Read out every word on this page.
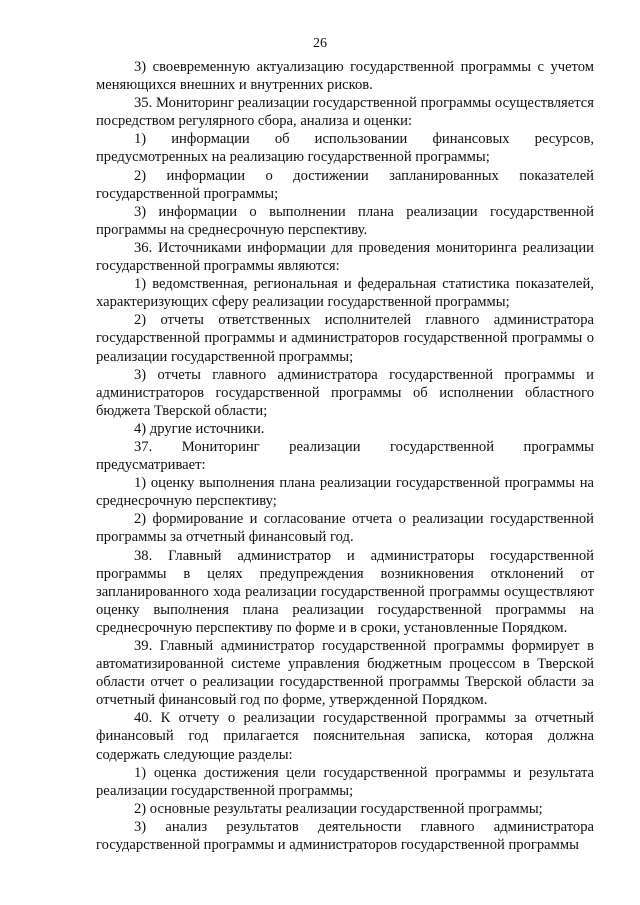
26

3) своевременную актуализацию государственной программы с учетом меняющихся внешних и внутренних рисков.

35. Мониторинг реализации государственной программы осуществляется посредством регулярного сбора, анализа и оценки:

1) информации об использовании финансовых ресурсов, предусмотренных на реализацию государственной программы;

2) информации о достижении запланированных показателей государственной программы;

3) информации о выполнении плана реализации государственной программы на среднесрочную перспективу.

36. Источниками информации для проведения мониторинга реализации государственной программы являются:

1) ведомственная, региональная и федеральная статистика показателей, характеризующих сферу реализации государственной программы;

2) отчеты ответственных исполнителей главного администратора государственной программы и администраторов государственной программы о реализации государственной программы;

3) отчеты главного администратора государственной программы и администраторов государственной программы об исполнении областного бюджета Тверской области;

4) другие источники.

37. Мониторинг реализации государственной программы предусматривает:

1) оценку выполнения плана реализации государственной программы на среднесрочную перспективу;

2) формирование и согласование отчета о реализации государственной программы за отчетный финансовый год.

38. Главный администратор и администраторы государственной программы в целях предупреждения возникновения отклонений от запланированного хода реализации государственной программы осуществляют оценку выполнения плана реализации государственной программы на среднесрочную перспективу по форме и в сроки, установленные Порядком.

39. Главный администратор государственной программы формирует в автоматизированной системе управления бюджетным процессом в Тверской области отчет о реализации государственной программы Тверской области за отчетный финансовый год по форме, утвержденной Порядком.

40. К отчету о реализации государственной программы за отчетный финансовый год прилагается пояснительная записка, которая должна содержать следующие разделы:

1) оценка достижения цели государственной программы и результата реализации государственной программы;

2) основные результаты реализации государственной программы;

3) анализ результатов деятельности главного администратора государственной программы и администраторов государственной программы
